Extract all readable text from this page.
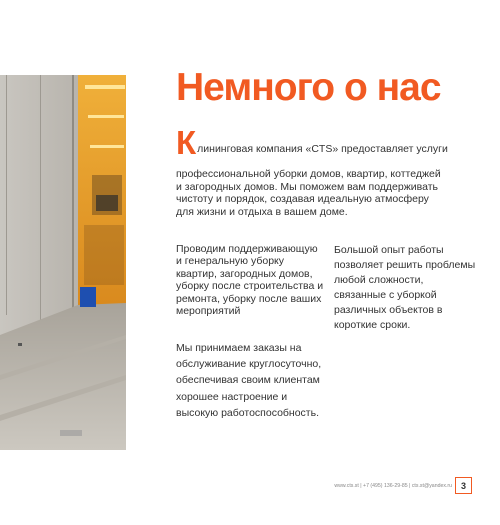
Немного о нас
Клининговая компания «CTS» предоставляет услуги
профессиональной уборки домов, квартир, коттеджей и загородных домов. Мы поможем вам поддерживать чистоту и порядок, создавая идеальную атмосферу для жизни и отдыха в вашем доме.
Проводим поддерживающую и генеральную уборку квартир, загородных домов, уборку после строительства и ремонта, уборку после ваших мероприятий
Большой опыт работы позволяет решить проблемы любой сложности, связанные с уборкой различных объектов в короткие сроки.
Мы принимаем заказы на обслуживание круглосуточно, обеспечивая своим клиентам хорошее настроение и высокую работоспособность.
www.cts.st | +7 (495) 136-29-85 | cts.st@yandex.ru 3
